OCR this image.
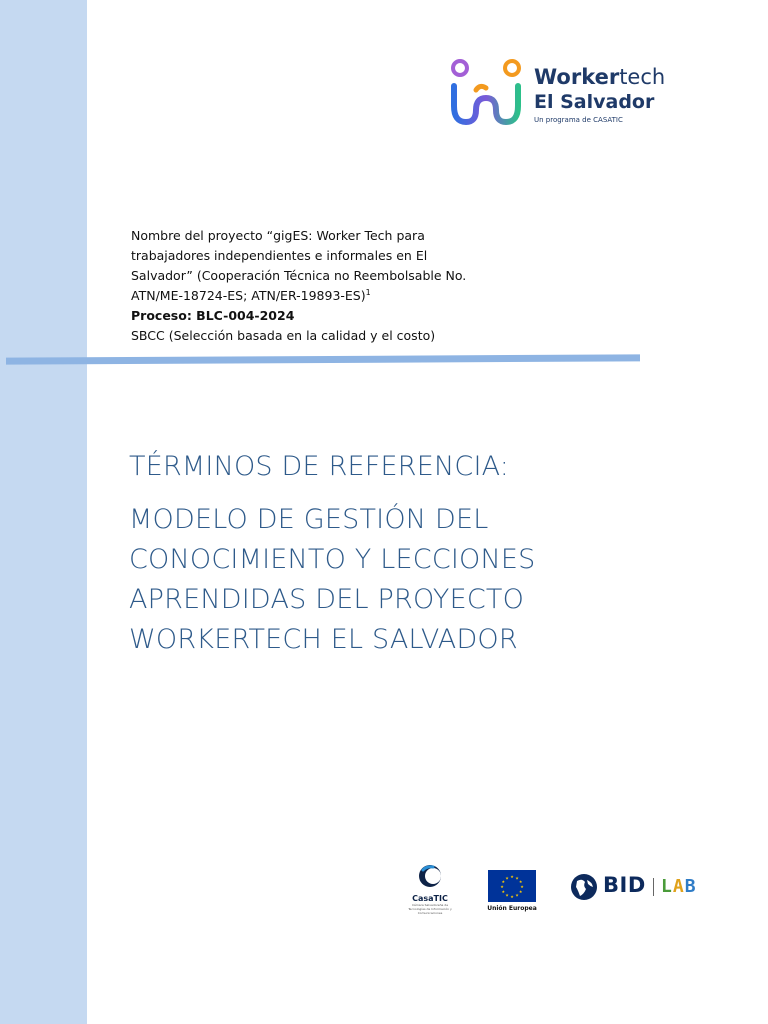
Workertech
El Salvador
Un programa de CASATIC

Nombre del proyecto “gigES: Worker Tech para

trabajadores independientes e informales en El

Salvador” (Cooperación Técnica no Reembolsable No.

ATN/ME-18724-ES; ATN/ER-19893-ES)$^1$

Proceso: BLC-004-2024

SBCC (Selección basada en la calidad y el costo)

TÉRMINOS DE REFERENCIA:
MODELO DE GESTIÓN DEL
CONOCIMIENTO Y LECCIONES
APRENDIDAS DEL PROYECTO
WORKERTECH EL SALVADOR
CasaTIC
Cámara Salvadoreña de Tecnologías de Información y Comunicaciones
★ ★
★
★
★
★
★
★
★
★
★
★
Unión Europea
BID LAB
